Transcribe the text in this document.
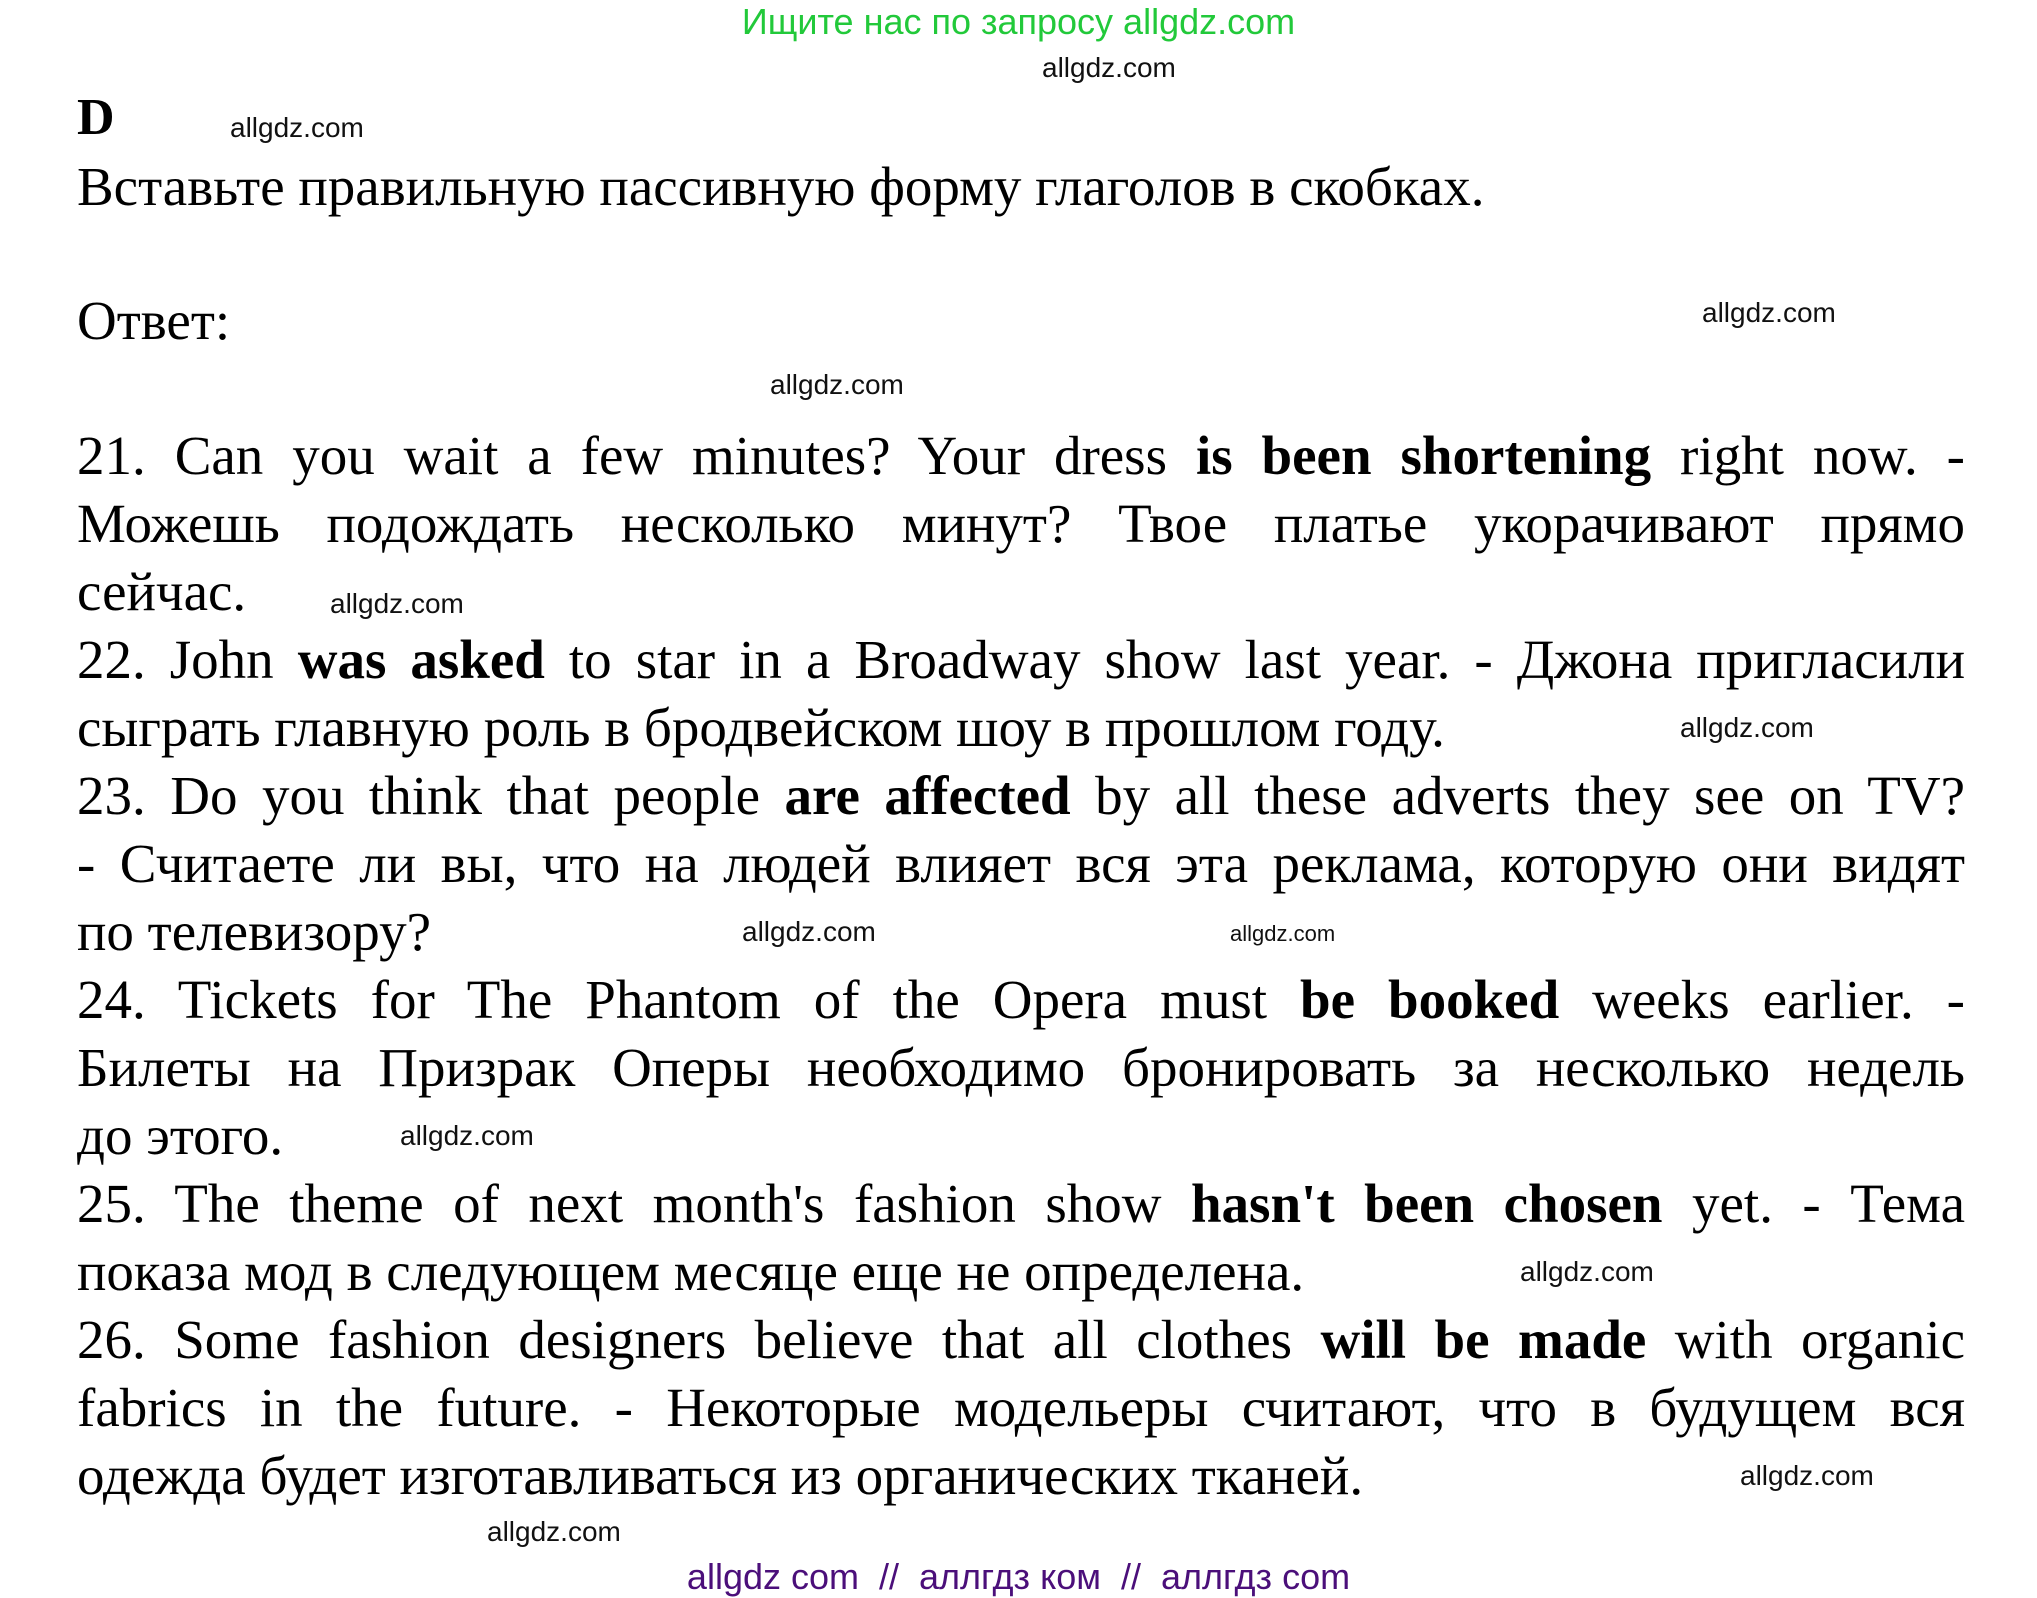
Ищите нас по запросу allgdz.com
allgdz.com
allgdz.com
allgdz.com
allgdz.com
D
Вставьте правильную пассивную форму глаголов в скобках.
Ответ:
21. Can you wait a few minutes? Your dress is been shortening right now. -
Можешь подождать несколько минут? Твое платье укорачивают прямо
сейчас.
22. John was asked to star in a Broadway show last year. - Джона пригласили
сыграть главную роль в бродвейском шоу в прошлом году.
23. Do you think that people are affected by all these adverts they see on TV?
- Считаете ли вы, что на людей влияет вся эта реклама, которую они видят
по телевизору?
24. Tickets for The Phantom of the Opera must be booked weeks earlier. -
Билеты на Призрак Оперы необходимо бронировать за несколько недель
до этого.
25. The theme of next month's fashion show hasn't been chosen yet. - Тема
показа мод в следующем месяце еще не определена.
26. Some fashion designers believe that all clothes will be made with organic
fabrics in the future. - Некоторые модельеры считают, что в будущем вся
одежда будет изготавливаться из органических тканей.
allgdz.com
allgdz.com
allgdz.com
allgdz.com
allgdz.com
allgdz.com
allgdz.com
allgdz.com
allgdz com  //  аллгдз ком  //  аллгдз com
